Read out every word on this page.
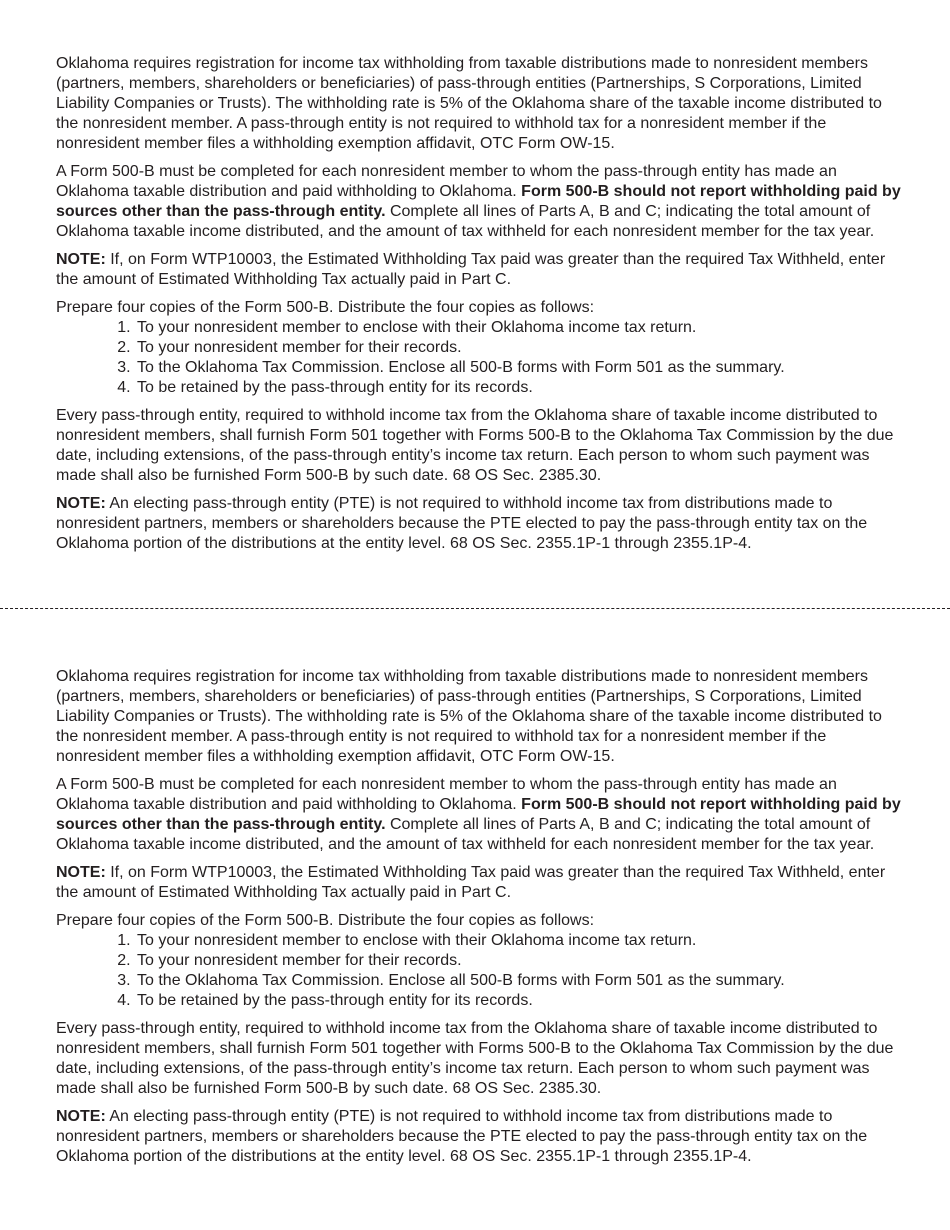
Oklahoma requires registration for income tax withholding from taxable distributions made to nonresident members (partners, members, shareholders or beneficiaries) of pass-through entities (Partnerships, S Corporations, Limited Liability Companies or Trusts). The withholding rate is 5% of the Oklahoma share of the taxable income distributed to the nonresident member. A pass-through entity is not required to withhold tax for a nonresident member if the nonresident member files a withholding exemption affidavit, OTC Form OW-15.

A Form 500-B must be completed for each nonresident member to whom the pass-through entity has made an Oklahoma taxable distribution and paid withholding to Oklahoma. Form 500-B should not report withholding paid by sources other than the pass-through entity. Complete all lines of Parts A, B and C; indicating the total amount of Oklahoma taxable income distributed, and the amount of tax withheld for each nonresident member for the tax year.

NOTE: If, on Form WTP10003, the Estimated Withholding Tax paid was greater than the required Tax Withheld, enter the amount of Estimated Withholding Tax actually paid in Part C.

Prepare four copies of the Form 500-B. Distribute the four copies as follows:

1. To your nonresident member to enclose with their Oklahoma income tax return.
2. To your nonresident member for their records.
3. To the Oklahoma Tax Commission. Enclose all 500-B forms with Form 501 as the summary.
4. To be retained by the pass-through entity for its records.

Every pass-through entity, required to withhold income tax from the Oklahoma share of taxable income distributed to nonresident members, shall furnish Form 501 together with Forms 500-B to the Oklahoma Tax Commission by the due date, including extensions, of the pass-through entity’s income tax return. Each person to whom such payment was made shall also be furnished Form 500-B by such date. 68 OS Sec. 2385.30.

NOTE: An electing pass-through entity (PTE) is not required to withhold income tax from distributions made to nonresident partners, members or shareholders because the PTE elected to pay the pass-through entity tax on the Oklahoma portion of the distributions at the entity level. 68 OS Sec. 2355.1P-1 through 2355.1P-4.

Oklahoma requires registration for income tax withholding from taxable distributions made to nonresident members (partners, members, shareholders or beneficiaries) of pass-through entities (Partnerships, S Corporations, Limited Liability Companies or Trusts). The withholding rate is 5% of the Oklahoma share of the taxable income distributed to the nonresident member. A pass-through entity is not required to withhold tax for a nonresident member if the nonresident member files a withholding exemption affidavit, OTC Form OW-15.

A Form 500-B must be completed for each nonresident member to whom the pass-through entity has made an Oklahoma taxable distribution and paid withholding to Oklahoma. Form 500-B should not report withholding paid by sources other than the pass-through entity. Complete all lines of Parts A, B and C; indicating the total amount of Oklahoma taxable income distributed, and the amount of tax withheld for each nonresident member for the tax year.

NOTE: If, on Form WTP10003, the Estimated Withholding Tax paid was greater than the required Tax Withheld, enter the amount of Estimated Withholding Tax actually paid in Part C.

Prepare four copies of the Form 500-B. Distribute the four copies as follows:

1. To your nonresident member to enclose with their Oklahoma income tax return.
2. To your nonresident member for their records.
3. To the Oklahoma Tax Commission. Enclose all 500-B forms with Form 501 as the summary.
4. To be retained by the pass-through entity for its records.

Every pass-through entity, required to withhold income tax from the Oklahoma share of taxable income distributed to nonresident members, shall furnish Form 501 together with Forms 500-B to the Oklahoma Tax Commission by the due date, including extensions, of the pass-through entity’s income tax return. Each person to whom such payment was made shall also be furnished Form 500-B by such date. 68 OS Sec. 2385.30.

NOTE: An electing pass-through entity (PTE) is not required to withhold income tax from distributions made to nonresident partners, members or shareholders because the PTE elected to pay the pass-through entity tax on the Oklahoma portion of the distributions at the entity level. 68 OS Sec. 2355.1P-1 through 2355.1P-4.
